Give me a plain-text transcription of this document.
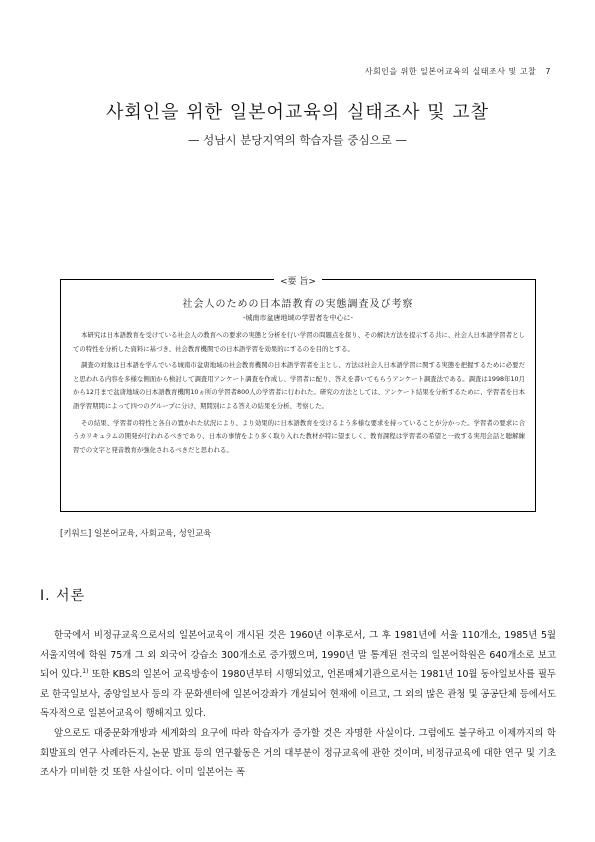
사회인을 위한 일본어교육의 실태조사 및 고찰 7
사회인을 위한 일본어교육의 실태조사 및 고찰
— 성남시 분당지역의 학습자를 중심으로 —
<要 旨>
社会人のための日本語教育の実態調査及び考察
-城南市盆唐地域の学習者を中心に-

本研究は日本語教育を受けている社会人の教育への要求の実態と分析を行い学習の問題点を探り、その解決方法を提示する共に、社会人日本語学習者としての特性を分析した資料に基づき、社会教育機関での日本語学習を効果的にするのを目的とする。

調査の対象は日本語を学んでいる城南市盆唐地域の社会教育機関の日本語学習者を主とし、方法は社会人日本語学習に関する実態を把握するために必要だと思われる内容を多様な側面から検討して調査用アンケート調査を作成し、学習者に配り、答えを書いてもらうアンケート調査法である。調査は1998年10月から12月まで盆唐地域の日本語教育機関10ヵ所の学習者800人の学習者に行われた。研究の方法としては、アンケート結果を分析するために、学習者を日本語学習期間によって四つのグループに分け、期間別による答えの結果を分析、考察した。

その結果、学習者の特性と各自の置かれた状況により、より効果的に日本語教育を受けるよう多様な要求を持っていることが分かった。学習者の要求に合うカリキュラムの開発が行われるべきであり、日本の事情をより多く取り入れた教材が特に望ましく、教育課程は学習者の希望と一致する実用会話と聴解練習での文字と発音教育が強化されるべきだと思われる。

[키워드] 일본어교육, 사회교육, 성인교육
I. 서론

한국에서 비정규교육으로서의 일본어교육이 개시된 것은 1960년 이후로서, 그 후 1981년에 서울 110개소, 1985년 5월 서울지역에 학원 75개 그 외 외국어 강습소 300개소로 증가했으며, 1990년 말 통계된 전국의 일본어학원은 640개소로 보고되어 있다.$^{1)}$ 또한 KBS의 일본어 교육방송이 1980년부터 시행되었고, 언론매체기관으로서는 1981년 10월 동아일보사를 필두로 한국일보사, 중앙일보사 등의 각 문화센터에 일본어강좌가 개설되어 현재에 이르고, 그 외의 많은 관청 및 공공단체 등에서도 독자적으로 일본어교육이 행해지고 있다.

앞으로도 대중문화개방과 세계화의 요구에 따라 학습자가 증가할 것은 자명한 사실이다. 그럼에도 불구하고 이제까지의 학회발표의 연구 사례라든지, 논문 발표 등의 연구활동은 거의 대부분이 정규교육에 관한 것이며, 비정규교육에 대한 연구 및 기초조사가 미비한 것 또한 사실이다. 이미 일본어는 폭
